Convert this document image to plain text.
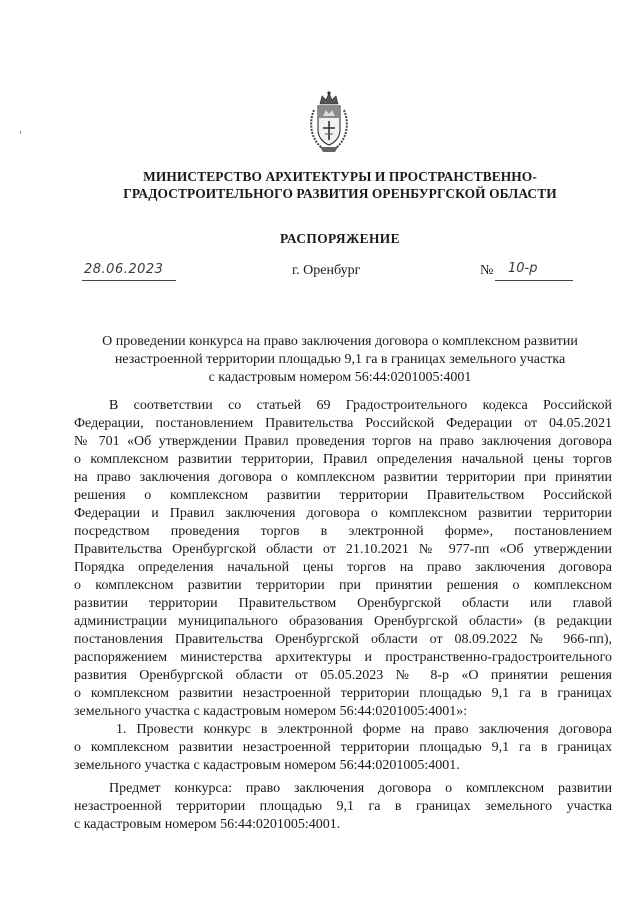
МИНИСТЕРСТВО АРХИТЕКТУРЫ И ПРОСТРАНСТВЕННО-
ГРАДОСТРОИТЕЛЬНОГО РАЗВИТИЯ ОРЕНБУРГСКОЙ ОБЛАСТИ
РАСПОРЯЖЕНИЕ
28.06.2023	г. Оренбург	№ 10-р
О проведении конкурса на право заключения договора о комплексном развитии
незастроенной территории площадью 9,1 га в границах земельного участка
с кадастровым номером 56:44:0201005:4001
В соответствии со статьей 69 Градостроительного кодекса Российской
Федерации, постановлением Правительства Российской Федерации от 04.05.2021
№ 701 «Об утверждении Правил проведения торгов на право заключения договора
о комплексном развитии территории, Правил определения начальной цены торгов
на право заключения договора о комплексном развитии территории при принятии
решения о комплексном развитии территории Правительством Российской
Федерации и Правил заключения договора о комплексном развитии территории
посредством проведения торгов в электронной форме», постановлением
Правительства Оренбургской области от 21.10.2021 № 977-пп «Об утверждении
Порядка определения начальной цены торгов на право заключения договора
о комплексном развитии территории при принятии решения о комплексном
развитии территории Правительством Оренбургской области или главой
администрации муниципального образования Оренбургской области» (в редакции
постановления Правительства Оренбургской области от 08.09.2022 № 966-пп),
распоряжением министерства архитектуры и пространственно-градостроительного
развития Оренбургской области от 05.05.2023 № 8-р «О принятии решения
о комплексном развитии незастроенной территории площадью 9,1 га в границах
земельного участка с кадастровым номером 56:44:0201005:4001»:
1. Провести конкурс в электронной форме на право заключения договора
о комплексном развитии незастроенной территории площадью 9,1 га в границах
земельного участка с кадастровым номером 56:44:0201005:4001.
Предмет конкурса: право заключения договора о комплексном развитии
незастроенной территории площадью 9,1 га в границах земельного участка
с кадастровым номером 56:44:0201005:4001.
